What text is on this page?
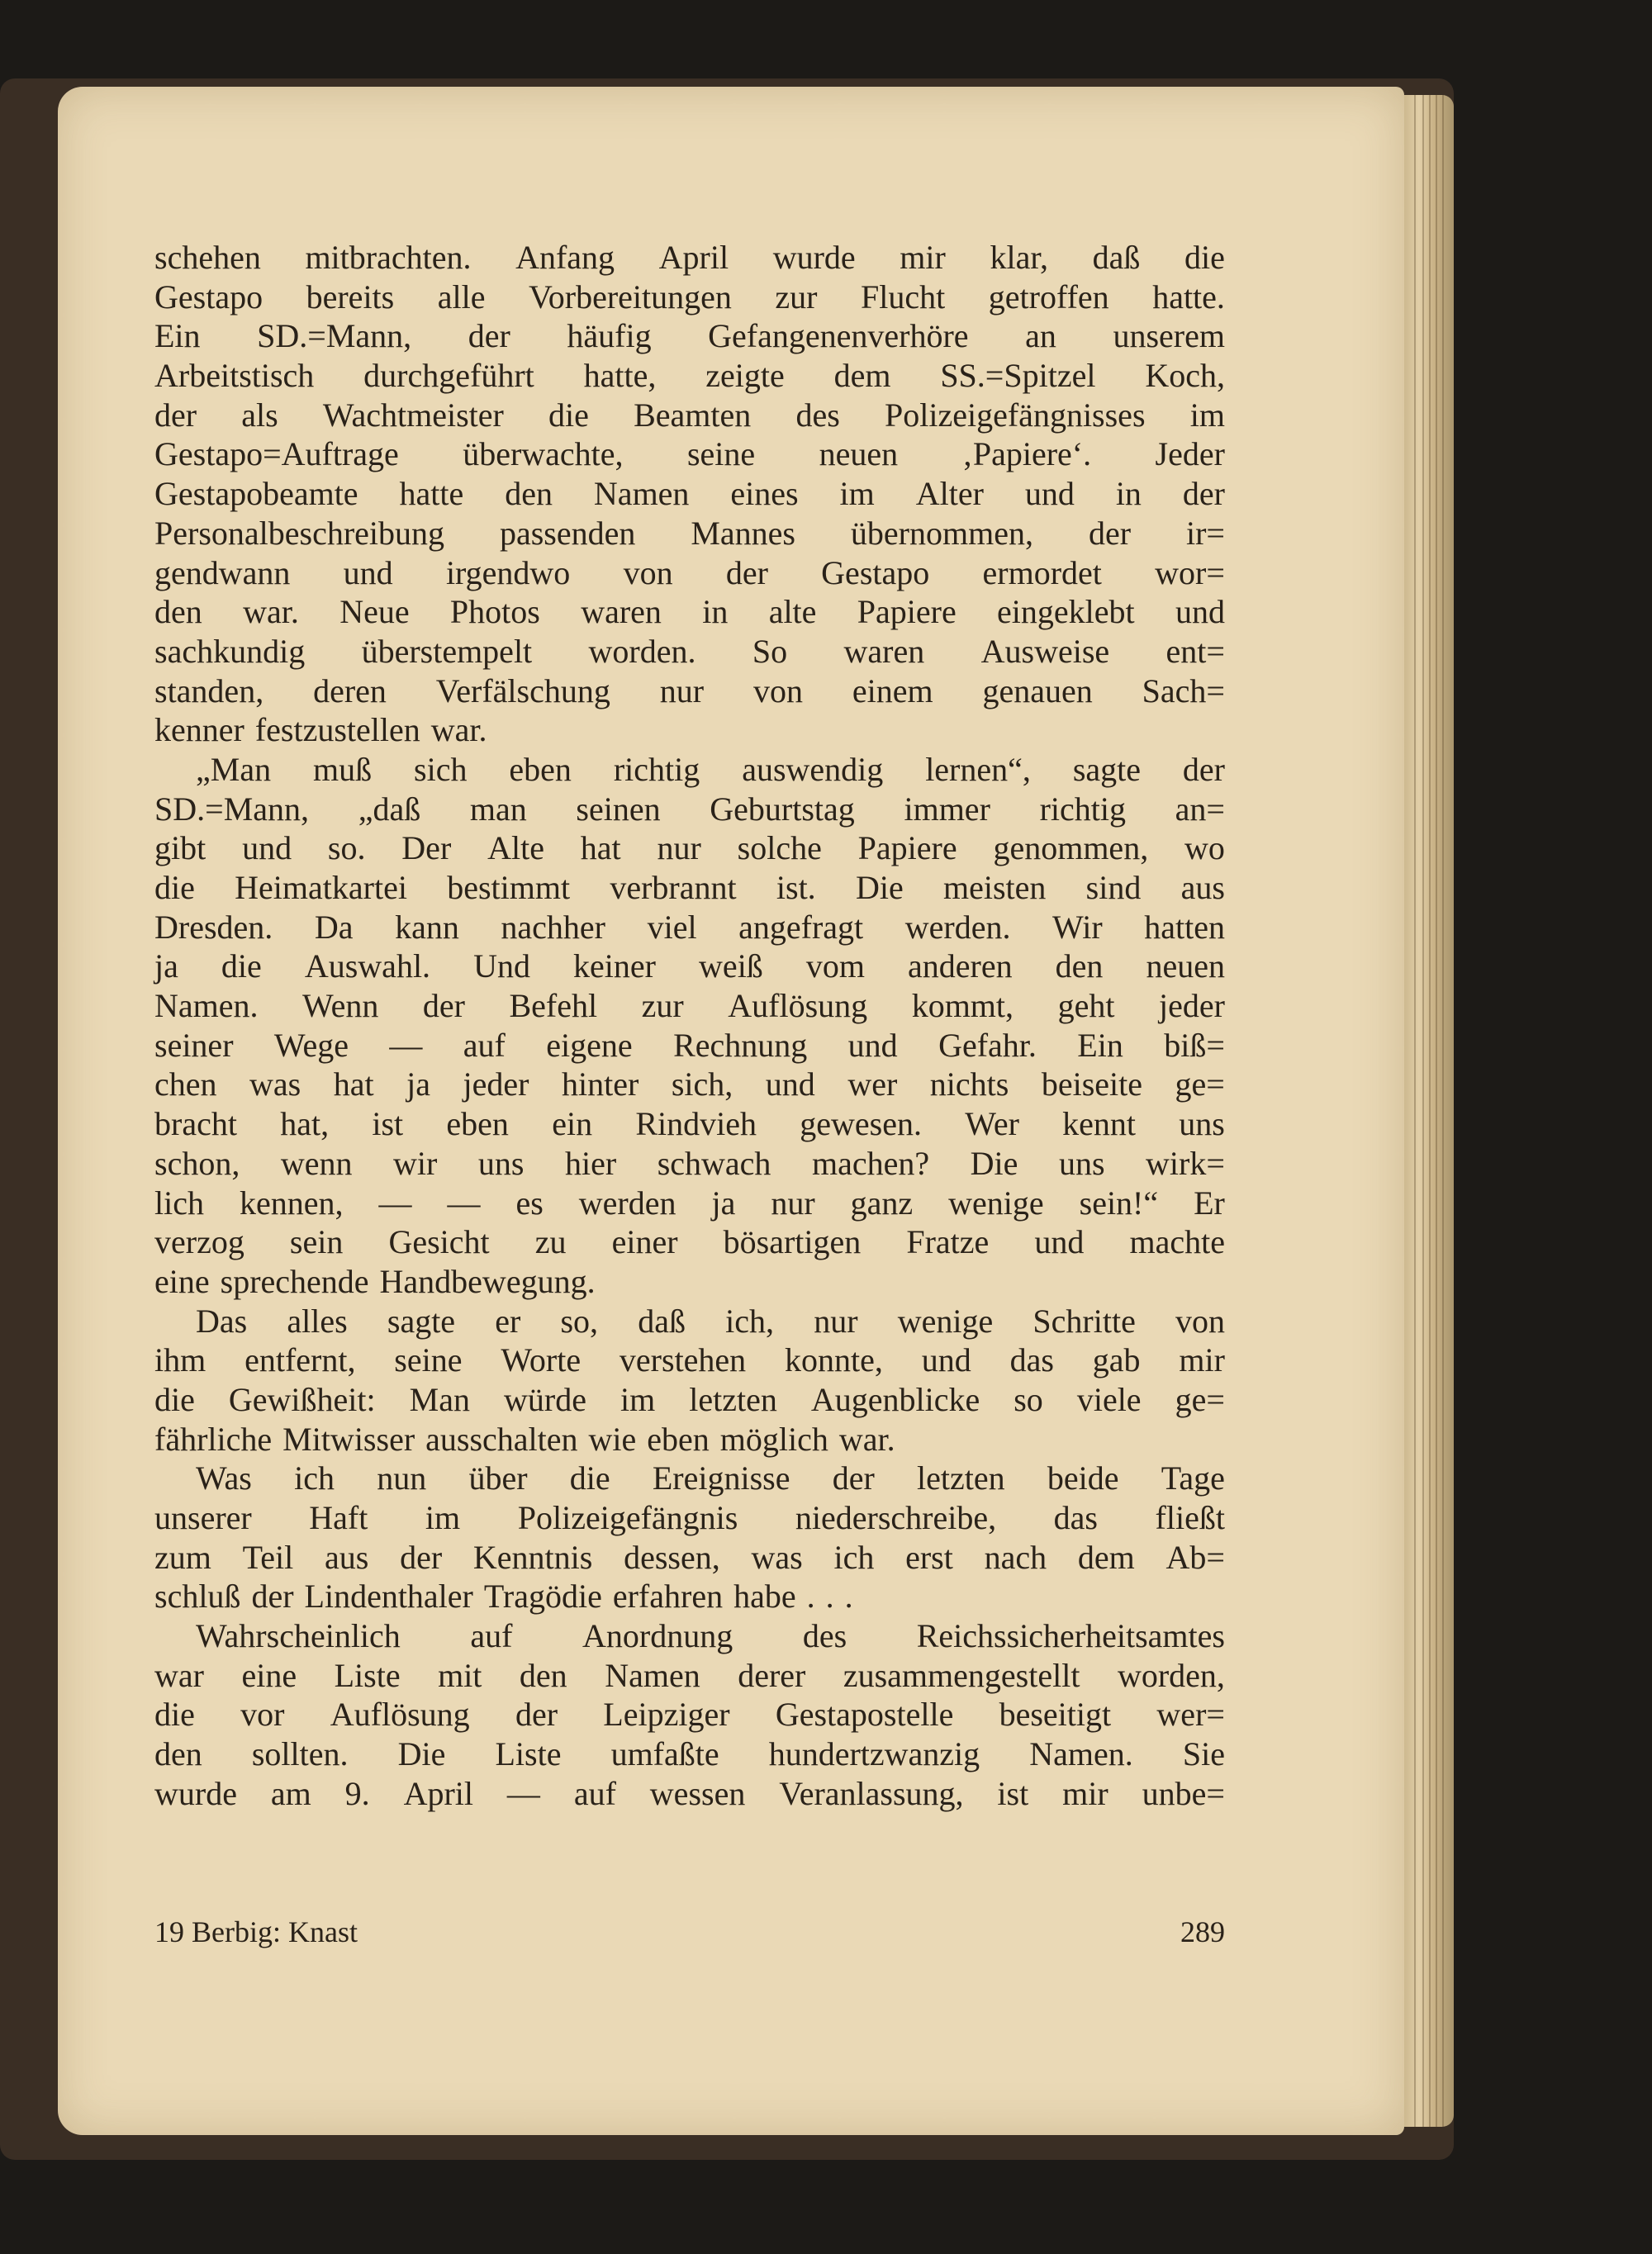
schehen mitbrachten. Anfang April wurde mir klar, daß die
Gestapo bereits alle Vorbereitungen zur Flucht getroffen hatte.
Ein SD.=Mann, der häufig Gefangenenverhöre an unserem
Arbeitstisch durchgeführt hatte, zeigte dem SS.=Spitzel Koch,
der als Wachtmeister die Beamten des Polizeigefängnisses im
Gestapo=Auftrage überwachte, seine neuen ‚Papiere‘. Jeder
Gestapobeamte hatte den Namen eines im Alter und in der
Personalbeschreibung passenden Mannes übernommen, der ir=
gendwann und irgendwo von der Gestapo ermordet wor=
den war. Neue Photos waren in alte Papiere eingeklebt und
sachkundig überstempelt worden. So waren Ausweise ent=
standen, deren Verfälschung nur von einem genauen Sach=
kenner festzustellen war.
„Man muß sich eben richtig auswendig lernen“, sagte der
SD.=Mann, „daß man seinen Geburtstag immer richtig an=
gibt und so. Der Alte hat nur solche Papiere genommen, wo
die Heimatkartei bestimmt verbrannt ist. Die meisten sind aus
Dresden. Da kann nachher viel angefragt werden. Wir hatten
ja die Auswahl. Und keiner weiß vom anderen den neuen
Namen. Wenn der Befehl zur Auflösung kommt, geht jeder
seiner Wege — auf eigene Rechnung und Gefahr. Ein biß=
chen was hat ja jeder hinter sich, und wer nichts beiseite ge=
bracht hat, ist eben ein Rindvieh gewesen. Wer kennt uns
schon, wenn wir uns hier schwach machen? Die uns wirk=
lich kennen, — — es werden ja nur ganz wenige sein!“ Er
verzog sein Gesicht zu einer bösartigen Fratze und machte
eine sprechende Handbewegung.
Das alles sagte er so, daß ich, nur wenige Schritte von
ihm entfernt, seine Worte verstehen konnte, und das gab mir
die Gewißheit: Man würde im letzten Augenblicke so viele ge=
fährliche Mitwisser ausschalten wie eben möglich war.
Was ich nun über die Ereignisse der letzten beide Tage
unserer Haft im Polizeigefängnis niederschreibe, das fließt
zum Teil aus der Kenntnis dessen, was ich erst nach dem Ab=
schluß der Lindenthaler Tragödie erfahren habe . . .
Wahrscheinlich auf Anordnung des Reichssicherheitsamtes
war eine Liste mit den Namen derer zusammengestellt worden,
die vor Auflösung der Leipziger Gestapostelle beseitigt wer=
den sollten. Die Liste umfaßte hundertzwanzig Namen. Sie
wurde am 9. April — auf wessen Veranlassung, ist mir unbe=
19 Berbig: Knast	289
